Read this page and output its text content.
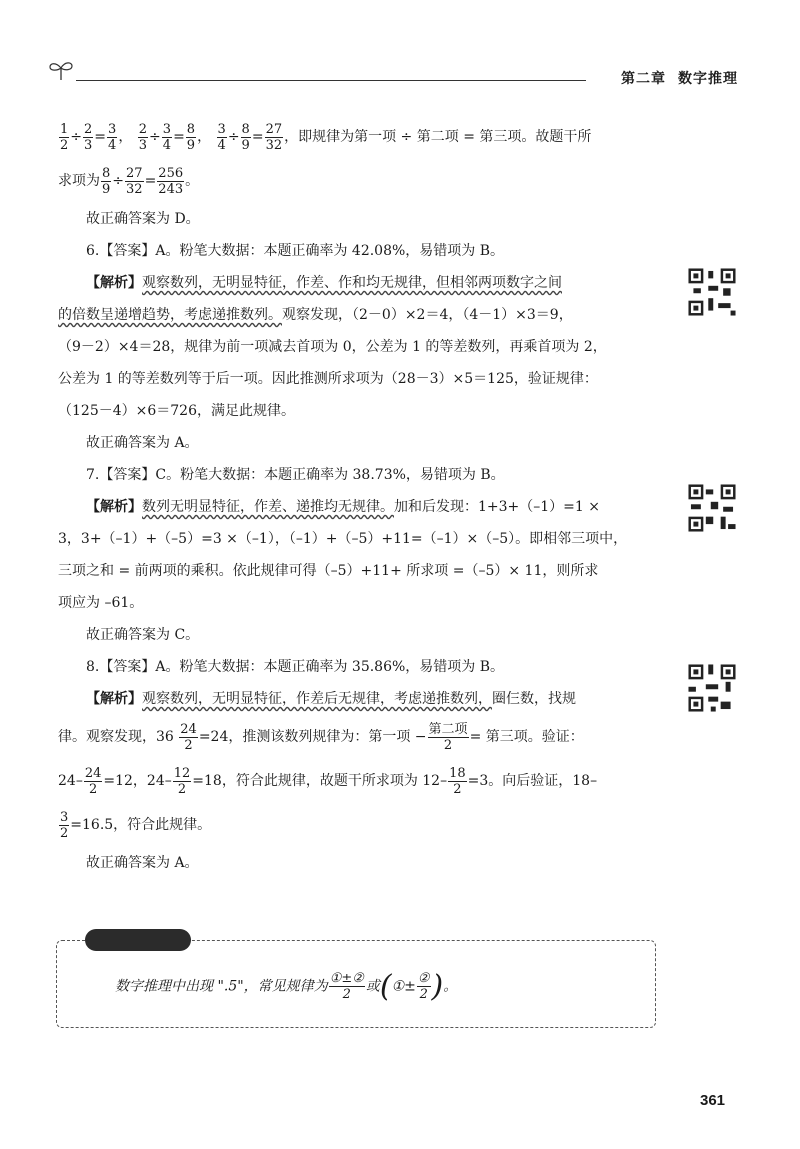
第二章 数字推理
$\frac{1}{2} \div \frac{2}{3} = \frac{3}{4}$ ， $\frac{2}{3} \div \frac{3}{4} = \frac{8}{9}$ ， $\frac{3}{4} \div \frac{8}{9} = \frac{27}{32}$ ，即规律为第一项 ÷ 第二项 = 第三项。故题干所
求项为 $\frac{8}{9} \div \frac{27}{32} = \frac{256}{243}$ 。
故正确答案为 D。
6.【答案】A。粉笔大数据：本题正确率为 42.08%，易错项为 B。
【解析】观察数列，无明显特征，作差、作和均无规律，但相邻两项数字之间
的倍数呈递增趋势，考虑递推数列。观察发现，（2－0）×2＝4，（4－1）×3＝9，
（9－2）×4＝28，规律为前一项减去首项为 0，公差为 1 的等差数列，再乘首项为 2，
公差为 1 的等差数列等于后一项。因此推测所求项为（28－3）×5＝125，验证规律：
（125－4）×6＝726，满足此规律。
故正确答案为 A。
7.【答案】C。粉笔大数据：本题正确率为 38.73%，易错项为 B。
【解析】数列无明显特征，作差、递推均无规律。加和后发现：1+3+（–1）=1 ×
3，3+（–1）+（–5）=3 ×（–1），（–1）+（–5）+11=（–1）×（–5）。即相邻三项中，
三项之和 = 前两项的乘积。依此规律可得（–5）+11+ 所求项 =（–5）× 11，则所求
项应为 –61。
故正确答案为 C。
8.【答案】A。粉笔大数据：本题正确率为 35.86%，易错项为 B。
【解析】观察数列，无明显特征，作差后无规律，考虑递推数列，圈仨数，找规
律。观察发现，$36 \frac{24}{2} =24$，推测该数列规律为：第一项 − $\frac{\text{第二项}}{2}$ = 第三项。验证：
$24- \frac{24}{2} =12$，$24- \frac{12}{2} =18$，符合此规律，故题干所求项为 $12- \frac{18}{2} =3$。向后验证，18–
$\frac{3}{2} =16.5$，符合此规律。
故正确答案为 A。
数字推理中出现 ".5"，常见规律为 $\frac{\text{①±②}}{2}$ 或(①± $\frac{\text{②}}{2}$ )。
361
